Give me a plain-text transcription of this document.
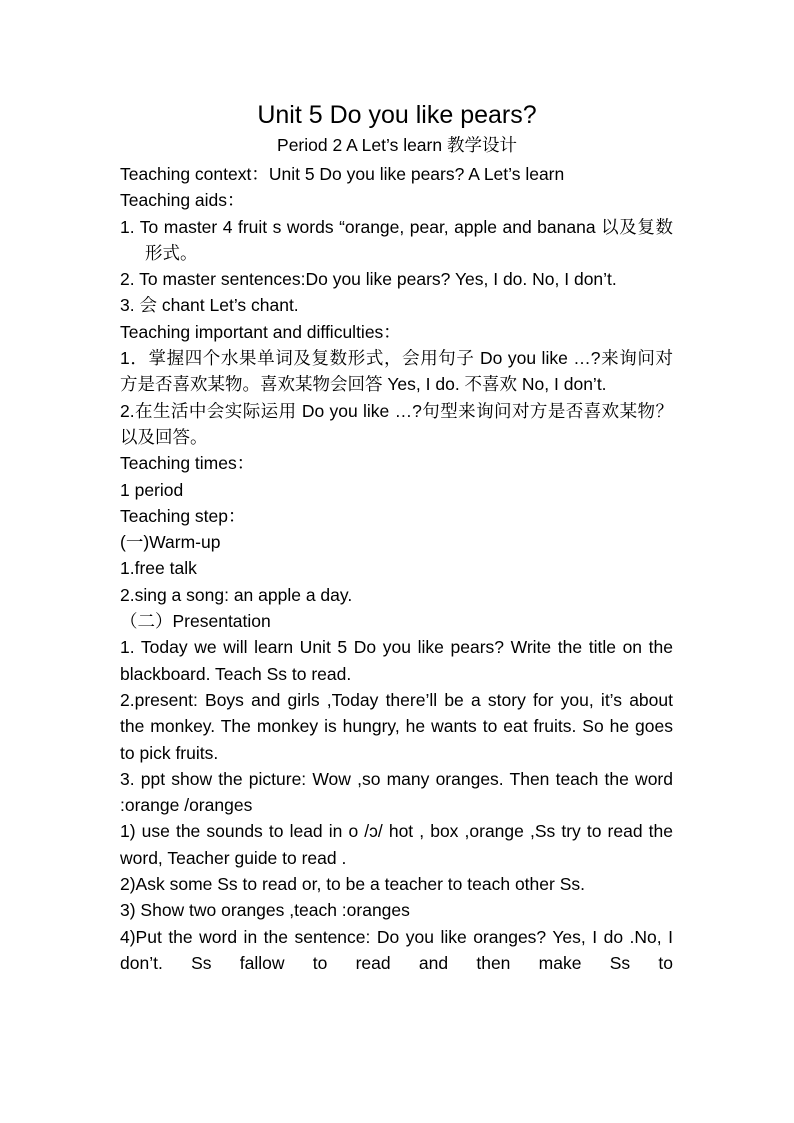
Unit 5 Do you like pears?
Period 2 A Let’s learn 教学设计
Teaching context：Unit 5 Do you like pears? A Let’s learn
Teaching aids：
1. To master 4 fruit s words “orange, pear, apple and banana 以及复数形式。
2. To master sentences:Do you like pears? Yes, I do. No, I don’t.
3. 会 chant Let’s chant.
Teaching important and difficulties：
1．掌握四个水果单词及复数形式，会用句子 Do you like …?来询问对方是否喜欢某物。喜欢某物会回答 Yes, I do. 不喜欢 No, I don’t.
2.在生活中会实际运用 Do you like …?句型来询问对方是否喜欢某物？以及回答。
Teaching times：
1 period
Teaching step：
(一)Warm-up
1.free talk
2.sing a song: an apple a day.
（二）Presentation
1. Today we will learn Unit 5 Do you like pears? Write the title on the blackboard. Teach Ss to read.
2.present: Boys and girls ,Today there’ll be a story for you, it’s about the monkey. The monkey is hungry, he wants to eat fruits. So he goes to pick fruits.
3. ppt show the picture: Wow ,so many oranges. Then teach the word :orange /oranges
1) use the sounds to lead in o /ɔ/ hot , box ,orange ,Ss try to read the word, Teacher guide to read .
2)Ask some Ss to read or, to be a teacher to teach other Ss.
3) Show two oranges ,teach :oranges
4)Put the word in the sentence: Do you like oranges? Yes, I do .No, I don’t. Ss fallow to read and then make Ss to
